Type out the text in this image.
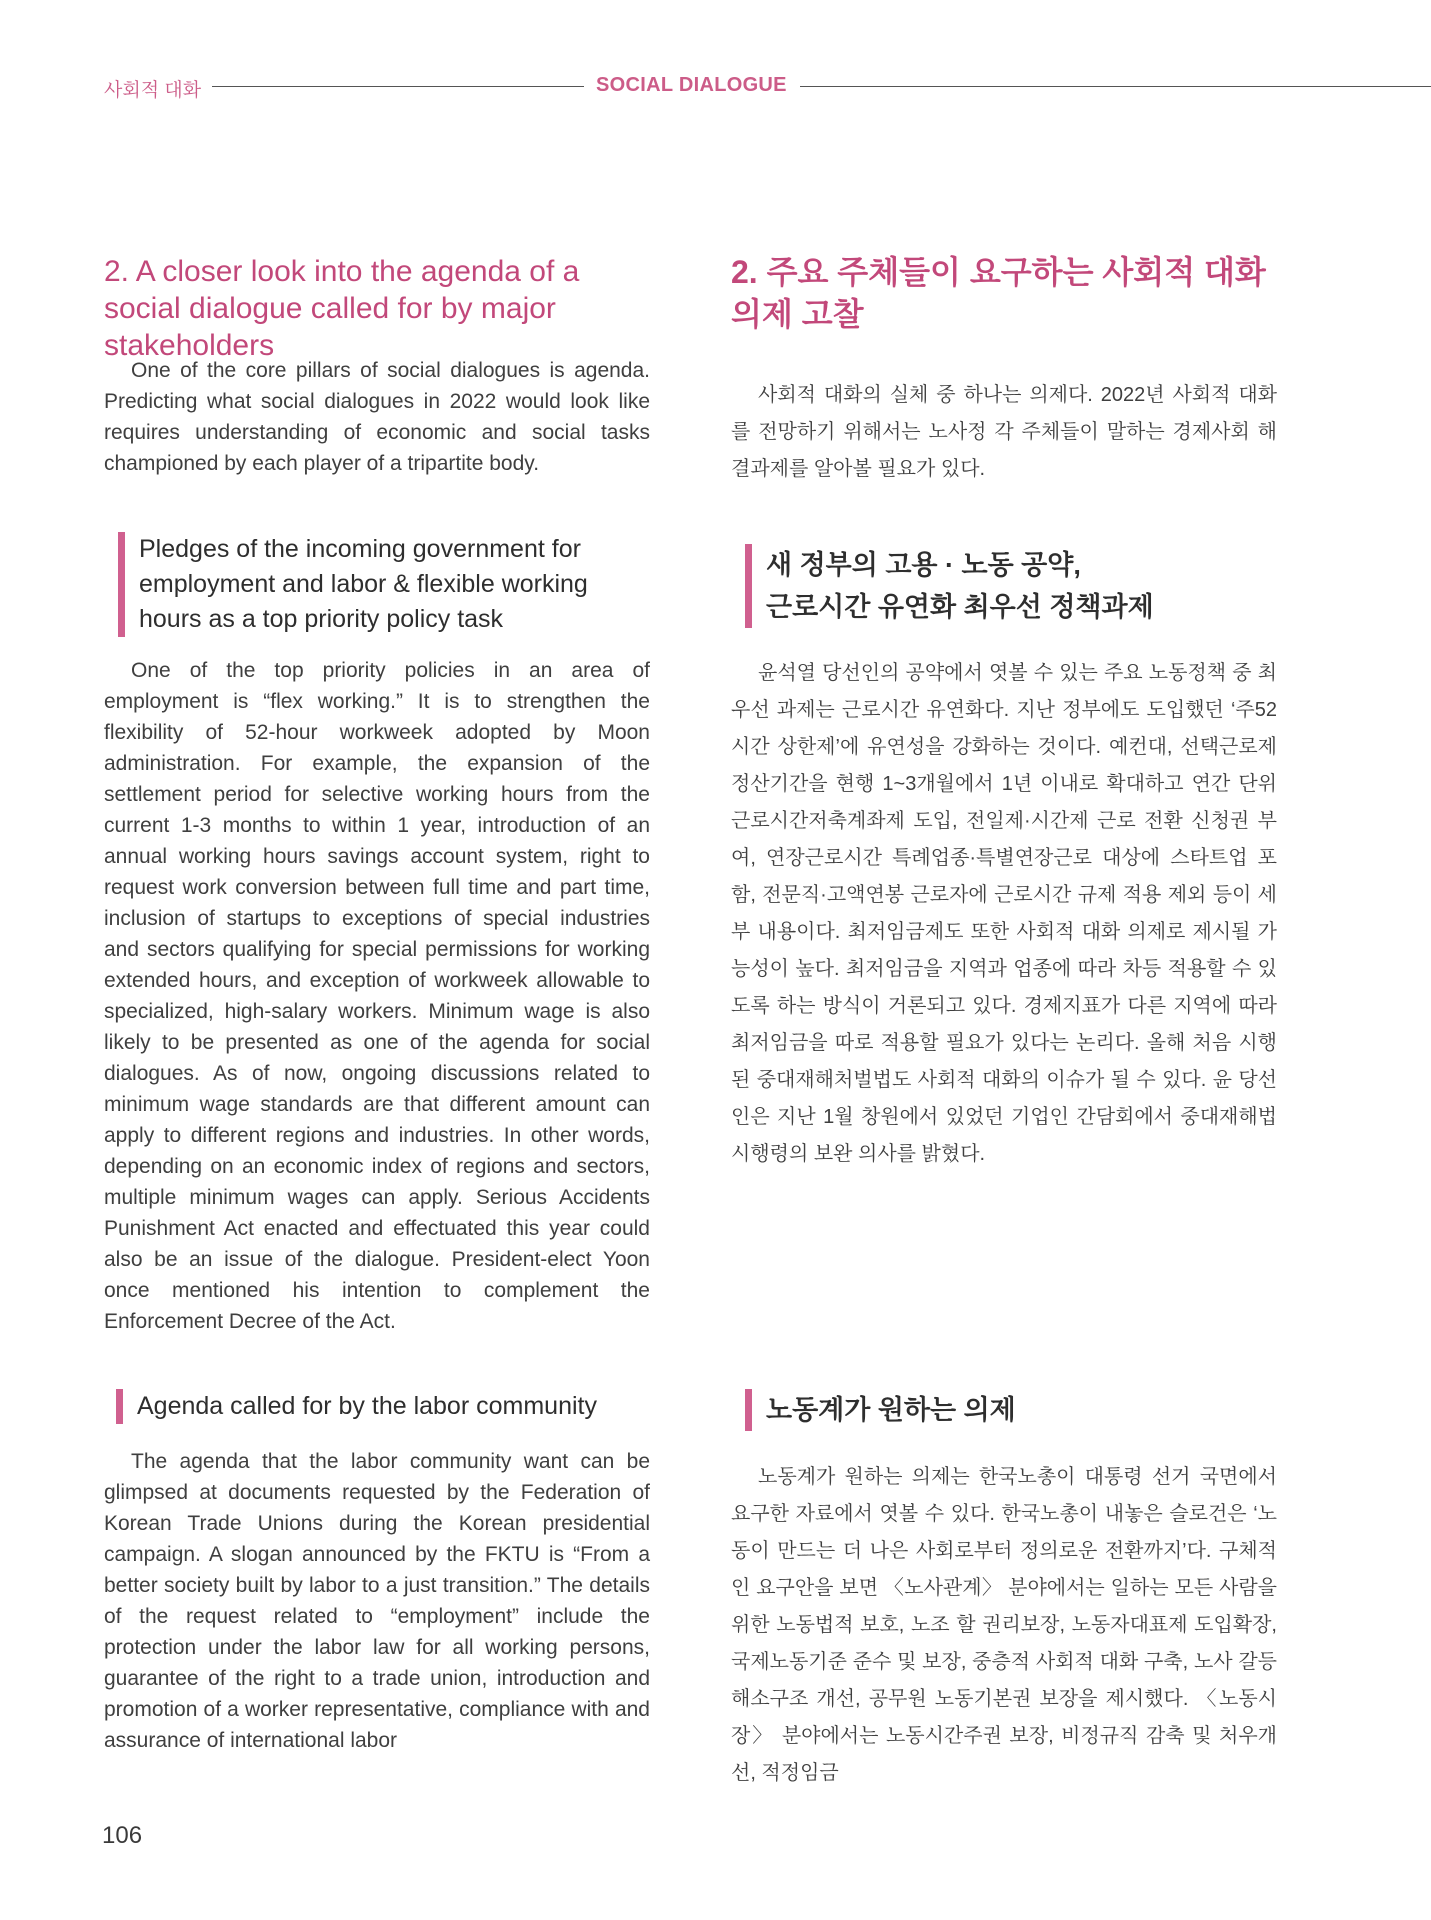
사회적 대화	SOCIAL DIALOGUE
2. A closer look into the agenda of a social dialogue called for by major stakeholders

One of the core pillars of social dialogues is agenda. Predicting what social dialogues in 2022 would look like requires understanding of economic and social tasks championed by each player of a tripartite body.

Pledges of the incoming government for employment and labor & flexible working hours as a top priority policy task

One of the top priority policies in an area of employment is “flex working.” It is to strengthen the flexibility of 52-hour workweek adopted by Moon administration. For example, the expansion of the settlement period for selective working hours from the current 1-3 months to within 1 year, introduction of an annual working hours savings account system, right to request work conversion between full time and part time, inclusion of startups to exceptions of special industries and sectors qualifying for special permissions for working extended hours, and exception of workweek allowable to specialized, high-salary workers. Minimum wage is also likely to be presented as one of the agenda for social dialogues. As of now, ongoing discussions related to minimum wage standards are that different amount can apply to different regions and industries. In other words, depending on an economic index of regions and sectors, multiple minimum wages can apply. Serious Accidents Punishment Act enacted and effectuated this year could also be an issue of the dialogue. President-elect Yoon once mentioned his intention to complement the Enforcement Decree of the Act.

Agenda called for by the labor community

The agenda that the labor community want can be glimpsed at documents requested by the Federation of Korean Trade Unions during the Korean presidential campaign. A slogan announced by the FKTU is “From a better society built by labor to a just transition.” The details of the request related to “employment” include the protection under the labor law for all working persons, guarantee of the right to a trade union, introduction and promotion of a worker representative, compliance with and assurance of international labor

2. 주요 주체들이 요구하는 사회적 대화 의제 고찰

사회적 대화의 실체 중 하나는 의제다. 2022년 사회적 대화를 전망하기 위해서는 노사정 각 주체들이 말하는 경제사회 해결과제를 알아볼 필요가 있다.

새 정부의 고용 · 노동 공약,
근로시간 유연화 최우선 정책과제

윤석열 당선인의 공약에서 엿볼 수 있는 주요 노동정책 중 최우선 과제는 근로시간 유연화다. 지난 정부에도 도입했던 ‘주52시간 상한제’에 유연성을 강화하는 것이다. 예컨대, 선택근로제 정산기간을 현행 1~3개월에서 1년 이내로 확대하고 연간 단위 근로시간저축계좌제 도입, 전일제·시간제 근로 전환 신청권 부여, 연장근로시간 특례업종·특별연장근로 대상에 스타트업 포함, 전문직·고액연봉 근로자에 근로시간 규제 적용 제외 등이 세부 내용이다. 최저임금제도 또한 사회적 대화 의제로 제시될 가능성이 높다. 최저임금을 지역과 업종에 따라 차등 적용할 수 있도록 하는 방식이 거론되고 있다. 경제지표가 다른 지역에 따라 최저임금을 따로 적용할 필요가 있다는 논리다. 올해 처음 시행된 중대재해처벌법도 사회적 대화의 이슈가 될 수 있다. 윤 당선인은 지난 1월 창원에서 있었던 기업인 간담회에서 중대재해법 시행령의 보완 의사를 밝혔다.

노동계가 원하는 의제

노동계가 원하는 의제는 한국노총이 대통령 선거 국면에서 요구한 자료에서 엿볼 수 있다. 한국노총이 내놓은 슬로건은 ‘노동이 만드는 더 나은 사회로부터 정의로운 전환까지’다. 구체적인 요구안을 보면 〈노사관계〉 분야에서는 일하는 모든 사람을 위한 노동법적 보호, 노조 할 권리보장, 노동자대표제 도입확장, 국제노동기준 준수 및 보장, 중층적 사회적 대화 구축, 노사 갈등 해소구조 개선, 공무원 노동기본권 보장을 제시했다. 〈노동시장〉 분야에서는 노동시간주권 보장, 비정규직 감축 및 처우개선, 적정임금

106
